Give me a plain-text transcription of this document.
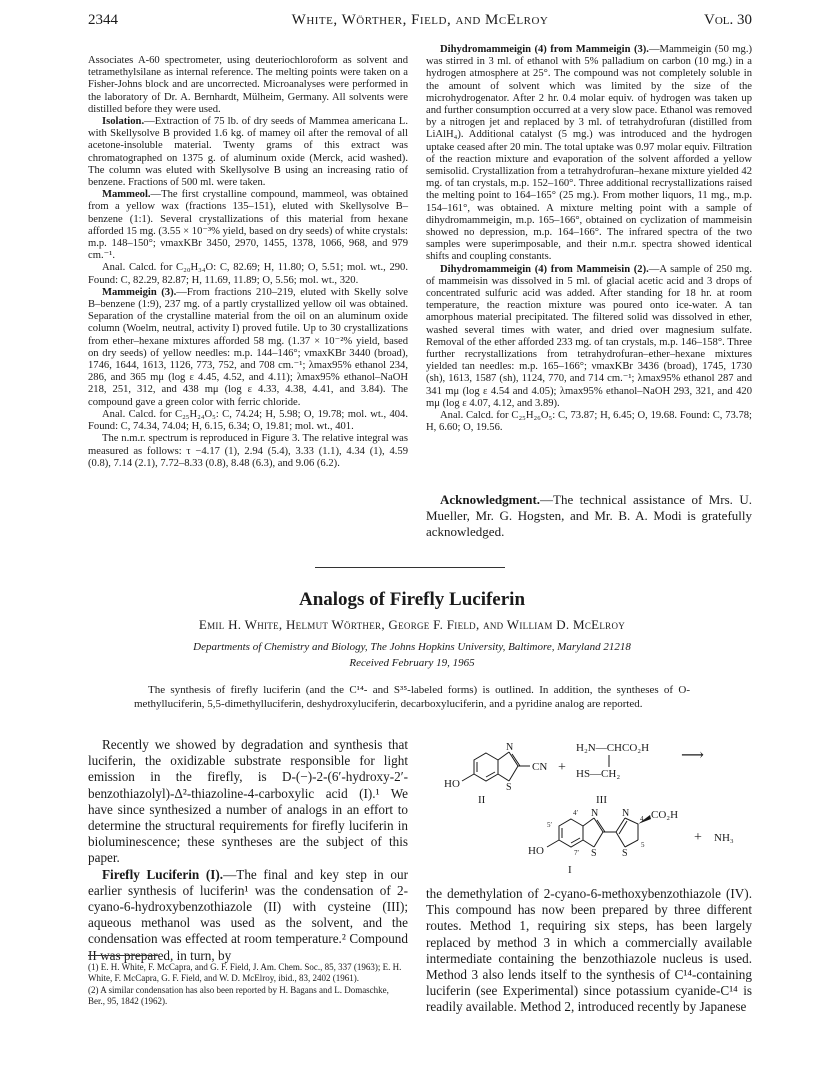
2344	White, Wörther, Field, and McElroy	Vol. 30

Associates A-60 spectrometer, using deuteriochloroform as solvent and tetramethylsilane as internal reference. The melting points were taken on a Fisher-Johns block and are uncorrected. Microanalyses were performed in the laboratory of Dr. A. Bernhardt, Mülheim, Germany. All solvents were distilled before they were used.

Isolation.—Extraction of 75 lb. of dry seeds of Mammea americana L. with Skellysolve B provided 1.6 kg. of mamey oil after the removal of all acetone-insoluble material. Twenty grams of this extract was chromatographed on 1375 g. of aluminum oxide (Merck, acid washed). The column was eluted with Skellysolve B using an increasing ratio of benzene. Fractions of 500 ml. were taken.

Mammeol.—The first crystalline compound, mammeol, was obtained from a yellow wax (fractions 135–151), eluted with Skellysolve B–benzene (1:1). Several crystallizations of this material from hexane afforded 15 mg. (3.55 × 10⁻³% yield, based on dry seeds) of white crystals: m.p. 148–150°; νmaxKBr 3450, 2970, 1455, 1378, 1066, 968, and 979 cm.⁻¹.

Anal. Calcd. for C₂₀H₃₄O: C, 82.69; H, 11.80; O, 5.51; mol. wt., 290. Found: C, 82.29, 82.87; H, 11.69, 11.89; O, 5.56; mol. wt., 320.

Mammeigin (3).—From fractions 210–219, eluted with Skelly solve B–benzene (1:9), 237 mg. of a partly crystallized yellow oil was obtained. Separation of the crystalline material from the oil on an aluminum oxide column (Woelm, neutral, activity I) proved futile. Up to 30 crystallizations from ether–hexane mixtures afforded 58 mg. (1.37 × 10⁻²% yield, based on dry seeds) of yellow needles: m.p. 144–146°; νmaxKBr 3440 (broad), 1746, 1644, 1613, 1126, 773, 752, and 708 cm.⁻¹; λmax95% ethanol 234, 286, and 365 mμ (log ε 4.45, 4.52, and 4.11); λmax95% ethanol–NaOH 218, 251, 312, and 438 mμ (log ε 4.33, 4.38, 4.41, and 3.84). The compound gave a green color with ferric chloride.

Anal. Calcd. for C₂₅H₂₄O₅: C, 74.24; H, 5.98; O, 19.78; mol. wt., 404. Found: C, 74.34, 74.04; H, 6.15, 6.34; O, 19.81; mol. wt., 401.

The n.m.r. spectrum is reproduced in Figure 3. The relative integral was measured as follows: τ −4.17 (1), 2.94 (5.4), 3.33 (1.1), 4.34 (1), 4.59 (0.8), 7.14 (2.1), 7.72–8.33 (0.8), 8.48 (6.3), and 9.06 (6.2).

Dihydromammeigin (4) from Mammeigin (3).—Mammeigin (50 mg.) was stirred in 3 ml. of ethanol with 5% palladium on carbon (10 mg.) in a hydrogen atmosphere at 25°. The compound was not completely soluble in the amount of solvent which was limited by the size of the microhydrogenator. After 2 hr. 0.4 molar equiv. of hydrogen was taken up and further consumption occurred at a very slow pace. Ethanol was removed by a nitrogen jet and replaced by 3 ml. of tetrahydrofuran (distilled from LiAlH₄). Additional catalyst (5 mg.) was introduced and the hydrogen uptake ceased after 20 min. The total uptake was 0.97 molar equiv. Filtration of the reaction mixture and evaporation of the solvent afforded a yellow semisolid. Crystallization from a tetrahydrofuran–hexane mixture yielded 42 mg. of tan crystals, m.p. 152–160°. Three additional recrystallizations raised the melting point to 164–165° (25 mg.). From mother liquors, 11 mg., m.p. 154–161°, was obtained. A mixture melting point with a sample of dihydromammeigin, m.p. 165–166°, obtained on cyclization of mammeisin showed no depression, m.p. 164–166°. The infrared spectra of the two samples were superimposable, and their n.m.r. spectra showed identical shifts and coupling constants.

Dihydromammeigin (4) from Mammeisin (2).—A sample of 250 mg. of mammeisin was dissolved in 5 ml. of glacial acetic acid and 3 drops of concentrated sulfuric acid was added. After standing for 18 hr. at room temperature, the reaction mixture was poured onto ice-water. A tan amorphous material precipitated. The filtered solid was dissolved in ether, washed several times with water, and dried over magnesium sulfate. Removal of the ether afforded 233 mg. of tan crystals, m.p. 146–158°. Three further recrystallizations from tetrahydrofuran–ether–hexane mixtures yielded tan needles: m.p. 165–166°; νmaxKBr 3436 (broad), 1745, 1730 (sh), 1613, 1587 (sh), 1124, 770, and 714 cm.⁻¹; λmax95% ethanol 287 and 341 mμ (log ε 4.54 and 4.05); λmax95% ethanol–NaOH 293, 321, and 420 mμ (log ε 4.07, 4.12, and 3.89).

Anal. Calcd. for C₂₅H₂₆O₅: C, 73.87; H, 6.45; O, 19.68. Found: C, 73.78; H, 6.60; O, 19.56.

Acknowledgment.—The technical assistance of Mrs. U. Mueller, Mr. G. Hogsten, and Mr. B. A. Modi is gratefully acknowledged.
Analogs of Firefly Luciferin
Emil H. White, Helmut Wörther, George F. Field, and William D. McElroy
Departments of Chemistry and Biology, The Johns Hopkins University, Baltimore, Maryland 21218
Received February 19, 1965
The synthesis of firefly luciferin (and the C¹⁴- and S³⁵-labeled forms) is outlined. In addition, the syntheses of O-methylluciferin, 5,5-dimethylluciferin, deshydroxyluciferin, decarboxyluciferin, and a pyridine analog are reported.

Recently we showed by degradation and synthesis that luciferin, the oxidizable substrate responsible for light emission in the firefly, is D-(−)-2-(6′-hydroxy-2′-benzothiazolyl)-Δ²-thiazoline-4-carboxylic acid (I).¹ We have since synthesized a number of analogs in an effort to determine the structural requirements for firefly luciferin in bioluminescence; these syntheses are the subject of this paper.

Firefly Luciferin (I).—The final and key step in our earlier synthesis of luciferin¹ was the condensation of 2-cyano-6-hydroxybenzothiazole (II) with cysteine (III); aqueous methanol was used as the solvent, and the condensation was effected at room temperature.² Compound II was prepared, in turn, by

(1) E. H. White, F. McCapra, and G. F. Field, J. Am. Chem. Soc., 85, 337 (1963); E. H. White, F. McCapra, G. F. Field, and W. D. McElroy, ibid., 83, 2402 (1961).

(2) A similar condensation has also been reported by H. Bagans and L. Domaschke, Ber., 95, 1842 (1962).

HO
N
S
CN +
H₂N—CHCO₂H
HS—CH₂
⟶
II	III
HO
N
S
N
S
CO₂H
+ NH₃
I
4′
5′
7′
4
5

the demethylation of 2-cyano-6-methoxybenzothiazole (IV). This compound has now been prepared by three different routes. Method 1, requiring six steps, has been largely replaced by method 3 in which a commercially available intermediate containing the benzothiazole nucleus is used. Method 3 also lends itself to the synthesis of C¹⁴-containing luciferin (see Experimental) since potassium cyanide-C¹⁴ is readily available. Method 2, introduced recently by Japanese
